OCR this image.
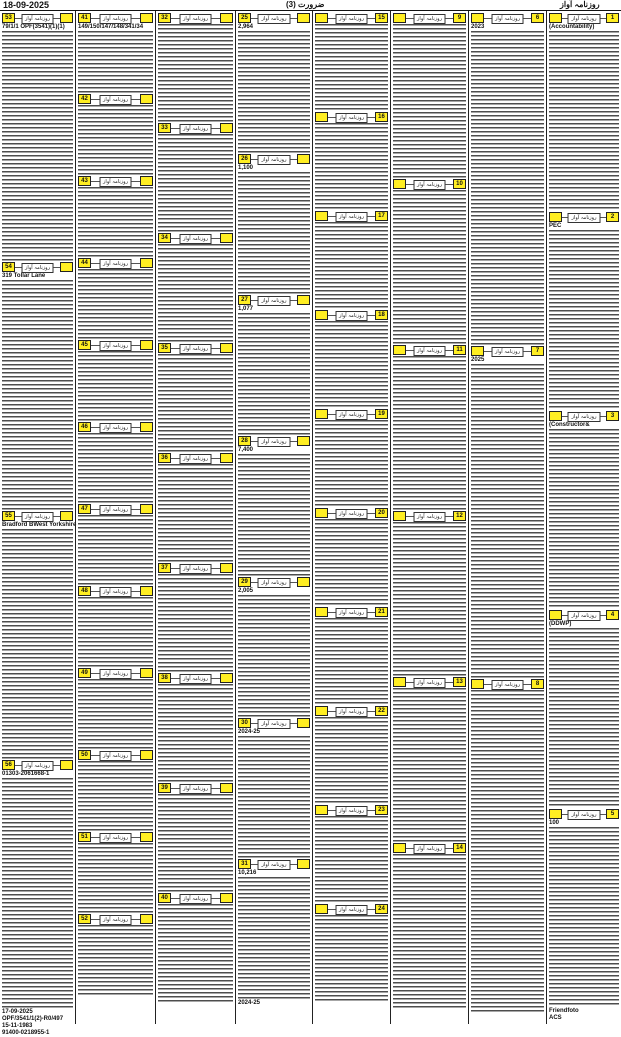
18-09-2025	ضرورت (3)	روزنامہ آواز
53	روزنامہ آواز
79/1/1 OPF(3541)(1)(1)
54	روزنامہ آواز
319 Tollar Lane
55	روزنامہ آواز
Bradford BWest Yorkshire
56	روزنامہ آواز
01303-2061668-1
17-09-2025
OPF/3541/1(2)-R0/497
15-11-1983
91400-0218955-1
41	روزنامہ آواز
149/150/147/148/341/34
42	روزنامہ آواز
43	روزنامہ آواز
44	روزنامہ آواز
45	روزنامہ آواز
46	روزنامہ آواز
47	روزنامہ آواز
48	روزنامہ آواز
49	روزنامہ آواز
50	روزنامہ آواز
51	روزنامہ آواز
52	روزنامہ آواز
32	روزنامہ آواز
33	روزنامہ آواز
34	روزنامہ آواز
35	روزنامہ آواز
36	روزنامہ آواز
37	روزنامہ آواز
38	روزنامہ آواز
39	روزنامہ آواز
40	روزنامہ آواز
25	روزنامہ آواز
2,964
26	روزنامہ آواز
1,100
27	روزنامہ آواز
1,077
28	روزنامہ آواز
7,400
29	روزنامہ آواز
2,005
30	روزنامہ آواز
2024-25
31	روزنامہ آواز
10,216
2024-25
15
روزنامہ آواز
16
روزنامہ آواز
17
روزنامہ آواز
18
روزنامہ آواز
19
روزنامہ آواز
20
روزنامہ آواز
21
روزنامہ آواز
22
روزنامہ آواز
23
روزنامہ آواز
24
روزنامہ آواز
9
روزنامہ آواز
10
روزنامہ آواز
11
روزنامہ آواز
12
روزنامہ آواز
13
روزنامہ آواز
14
روزنامہ آواز
6
روزنامہ آواز
2023
7
روزنامہ آواز
2025
8
روزنامہ آواز
1
روزنامہ آواز
(Accountability)
2
روزنامہ آواز
PEC
3
روزنامہ آواز
(Constructor&
4
روزنامہ آواز
(DDWP)
5
روزنامہ آواز
100
Friendfoto
ACS
